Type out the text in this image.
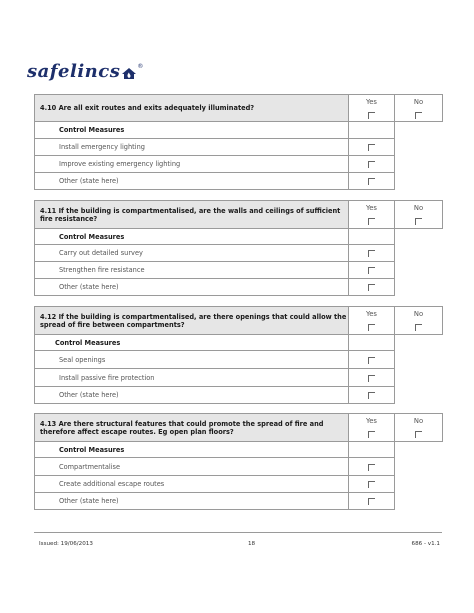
safelincs	®
4.10 Are all exit routes and exits adequately illuminated?	Yes	No

Control Measures		
Install emergency lighting		
Improve existing emergency lighting		
Other (state here)		
4.11 If the building is compartmentalised, are the walls and ceilings of sufficient fire resistance?	Yes	No

Control Measures		
Carry out detailed survey		
Strengthen fire resistance		
Other (state here)		
4.12 If the building is compartmentalised, are there openings that could allow the spread of fire between compartments?	Yes	No

Control Measures		
Seal openings		
Install passive fire protection		
Other (state here)		
4.13 Are there structural features that could promote the spread of fire and therefore affect escape routes. Eg open plan floors?	Yes	No

Control Measures		
Compartmentalise		
Create additional escape routes		
Other (state here)		
Issued: 19/06/2013	18	686 - v1.1
